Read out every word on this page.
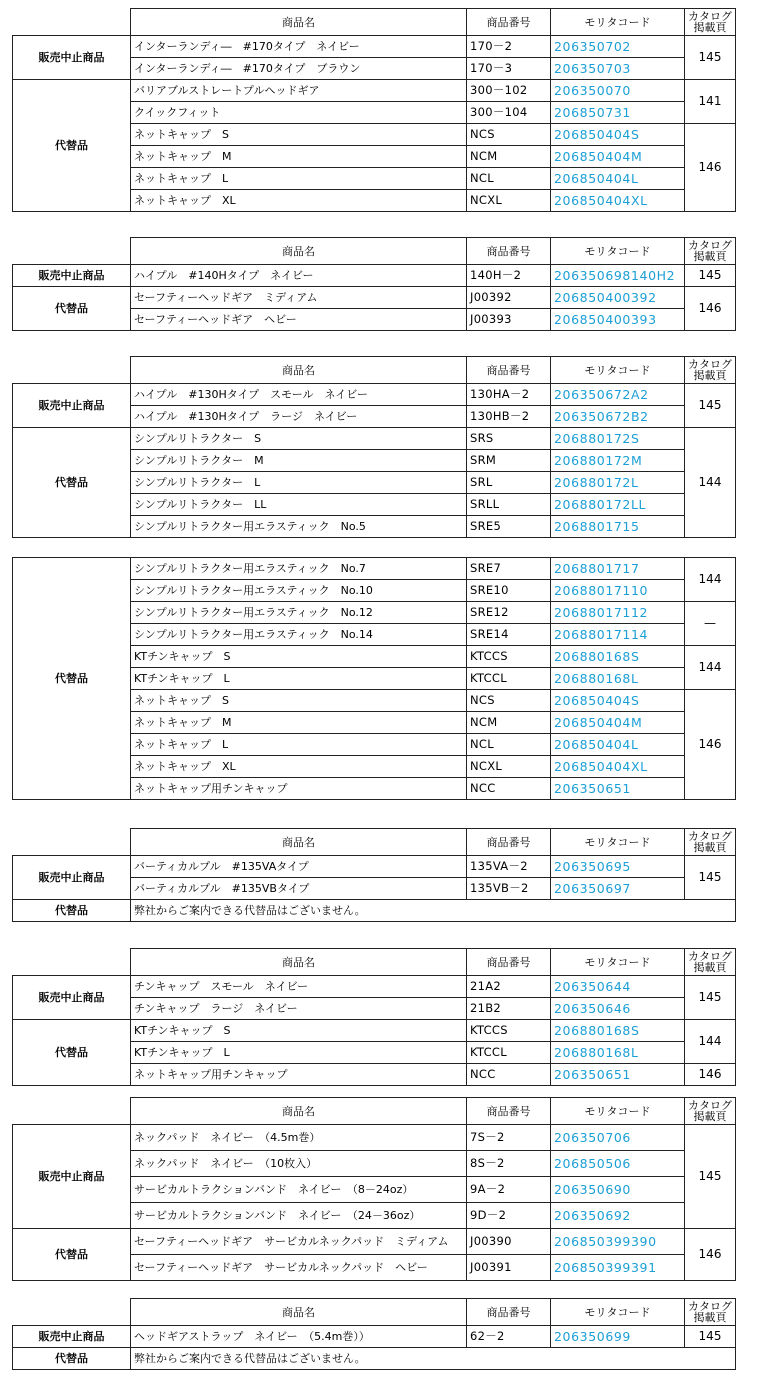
	商品名	商品番号	モリタコード	カタログ
掲載頁
販売中止商品	インターランディ―　#170タイプ　ネイビー	170－2	206350702	145
	インターランディ―　#170タイプ　ブラウン	170－3	206350703	
代替品	バリアブルストレートプルヘッドギア	300－102	206350070	141
	クイックフィット	300－104	206850731	
	ネットキャップ　S	NCS	206850404S	146
	ネットキャップ　M	NCM	206850404M	
	ネットキャップ　L	NCL	206850404L	
	ネットキャップ　XL	NCXL	206850404XL	
	商品名	商品番号	モリタコード	カタログ
掲載頁
販売中止商品	ハイプル　#140Hタイプ　ネイビー	140H－2	206350698140H2	145
代替品	セーフティーヘッドギア　ミディアム	J00392	206850400392	146
	セーフティーヘッドギア　ヘビー	J00393	206850400393	
	商品名	商品番号	モリタコード	カタログ
掲載頁
販売中止商品	ハイプル　#130Hタイプ　スモール　ネイビー	130HA－2	206350672A2	145
	ハイプル　#130Hタイプ　ラージ　ネイビー	130HB－2	206350672B2	
代替品	シンプルリトラクター　S	SRS	206880172S	144
	シンプルリトラクター　M	SRM	206880172M	
	シンプルリトラクター　L	SRL	206880172L	
	シンプルリトラクター　LL	SRLL	206880172LL	
	シンプルリトラクター用エラスティック　No.5	SRE5	2068801715	
代替品	シンプルリトラクター用エラスティック　No.7	SRE7	2068801717	144
	シンプルリトラクター用エラスティック　No.10	SRE10	20688017110	
	シンプルリトラクター用エラスティック　No.12	SRE12	20688017112	—
	シンプルリトラクター用エラスティック　No.14	SRE14	20688017114	
	KTチンキャップ　S	KTCCS	206880168S	144
	KTチンキャップ　L	KTCCL	206880168L	
	ネットキャップ　S	NCS	206850404S	146
	ネットキャップ　M	NCM	206850404M	
	ネットキャップ　L	NCL	206850404L	
	ネットキャップ　XL	NCXL	206850404XL	
	ネットキャップ用チンキャップ	NCC	206350651	
	商品名	商品番号	モリタコード	カタログ
掲載頁
販売中止商品	バーティカルプル　#135VAタイプ	135VA－2	206350695	145
	バーティカルプル　#135VBタイプ	135VB－2	206350697	
代替品	弊社からご案内できる代替品はございません。			
	商品名	商品番号	モリタコード	カタログ
掲載頁
販売中止商品	チンキャップ　スモール　ネイビー	21A2	206350644	145
	チンキャップ　ラージ　ネイビー	21B2	206350646	
代替品	KTチンキャップ　S	KTCCS	206880168S	144
	KTチンキャップ　L	KTCCL	206880168L	
	ネットキャップ用チンキャップ	NCC	206350651	146
	商品名	商品番号	モリタコード	カタログ
掲載頁
販売中止商品	ネックパッド　ネイビー　（4.5m巻）	7S－2	206350706	145
	ネックパッド　ネイビー　（10枚入）	8S－2	206850506	
	サービカルトラクションバンド　ネイビー　（8－24oz）	9A－2	206350690	
	サービカルトラクションバンド　ネイビー　（24－36oz）	9D－2	206350692	
代替品	セーフティーヘッドギア　サービカルネックパッド　ミディアム	J00390	206850399390	146
	セーフティーヘッドギア　サービカルネックパッド　ヘビー	J00391	206850399391	
	商品名	商品番号	モリタコード	カタログ
掲載頁
販売中止商品	ヘッドギアストラップ　ネイビー　（5.4m巻））	62－2	206350699	145
代替品	弊社からご案内できる代替品はございません。			
